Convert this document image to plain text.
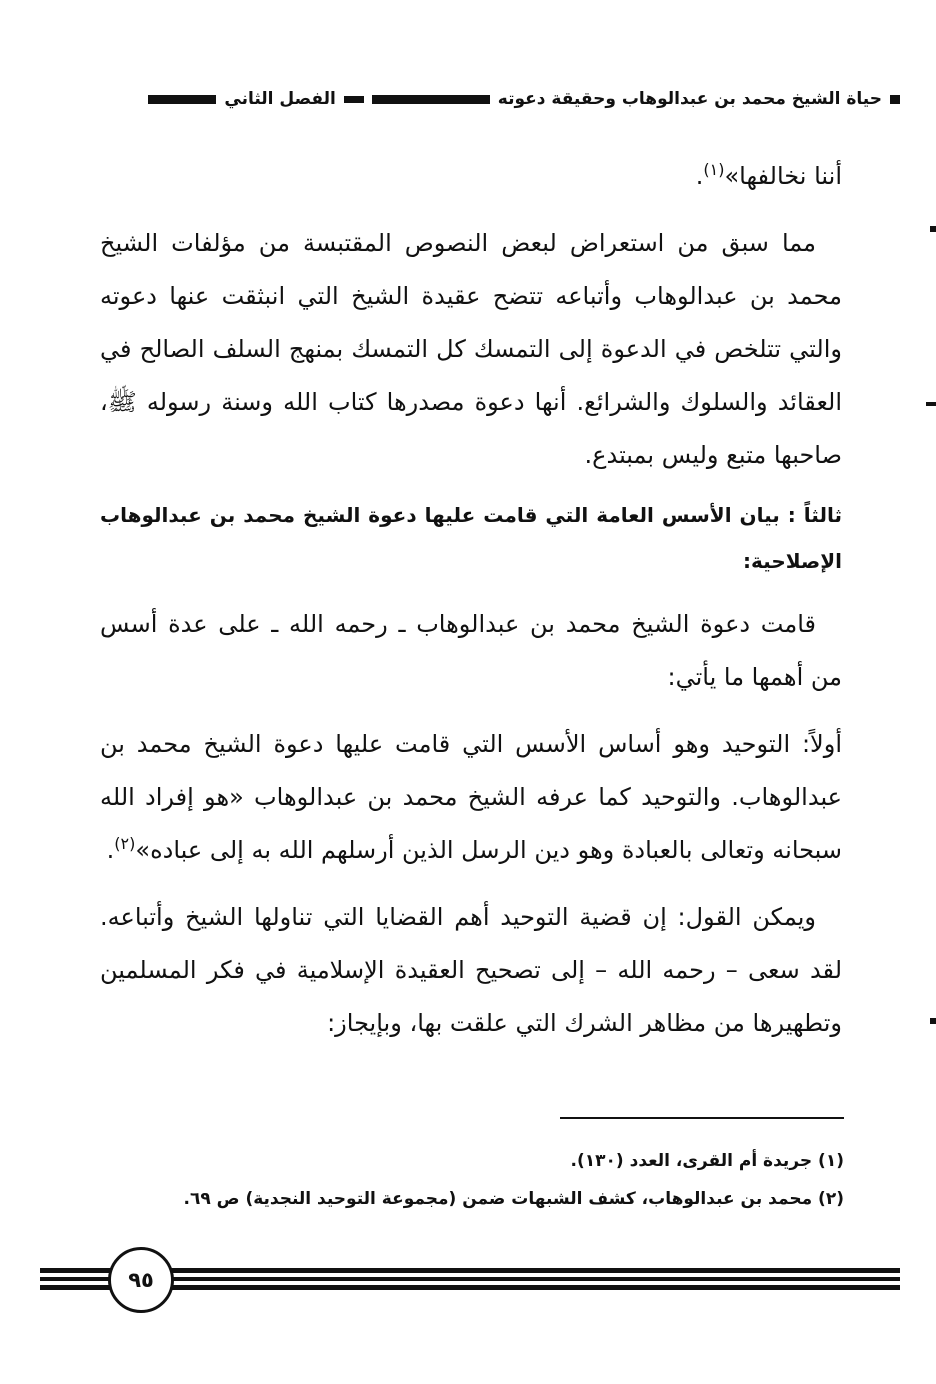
حياة الشيخ محمد بن عبدالوهاب وحقيقة دعوته
الفصل الثاني

أننا نخالفها»$^{(١)}$.

مما سبق من استعراض لبعض النصوص المقتبسة من مؤلفات الشيخ محمد بن عبدالوهاب وأتباعه تتضح عقيدة الشيخ التي انبثقت عنها دعوته والتي تتلخص في الدعوة إلى التمسك كل التمسك بمنهج السلف الصالح في العقائد والسلوك والشرائع. أنها دعوة مصدرها كتاب الله وسنة رسوله ﷺ، صاحبها متبع وليس بمبتدع.

ثالثاً : بيان الأسس العامة التي قامت عليها دعوة الشيخ محمد بن عبدالوهاب الإصلاحية:

قامت دعوة الشيخ محمد بن عبدالوهاب ـ رحمه الله ـ على عدة أسس من أهمها ما يأتي:

أولاً: التوحيد وهو أساس الأسس التي قامت عليها دعوة الشيخ محمد بن عبدالوهاب. والتوحيد كما عرفه الشيخ محمد بن عبدالوهاب «هو إفراد الله سبحانه وتعالى بالعبادة وهو دين الرسل الذين أرسلهم الله به إلى عباده»$^{(٢)}$.

ويمكن القول: إن قضية التوحيد أهم القضايا التي تناولها الشيخ وأتباعه. لقد سعى – رحمه الله – إلى تصحيح العقيدة الإسلامية في فكر المسلمين وتطهيرها من مظاهر الشرك التي علقت بها، وبإيجاز:

(١) جريدة أم القرى، العدد (١٣٠).

(٢) محمد بن عبدالوهاب، كشف الشبهات ضمن (مجموعة التوحيد النجدية) ص ٦٩.

٩٥
